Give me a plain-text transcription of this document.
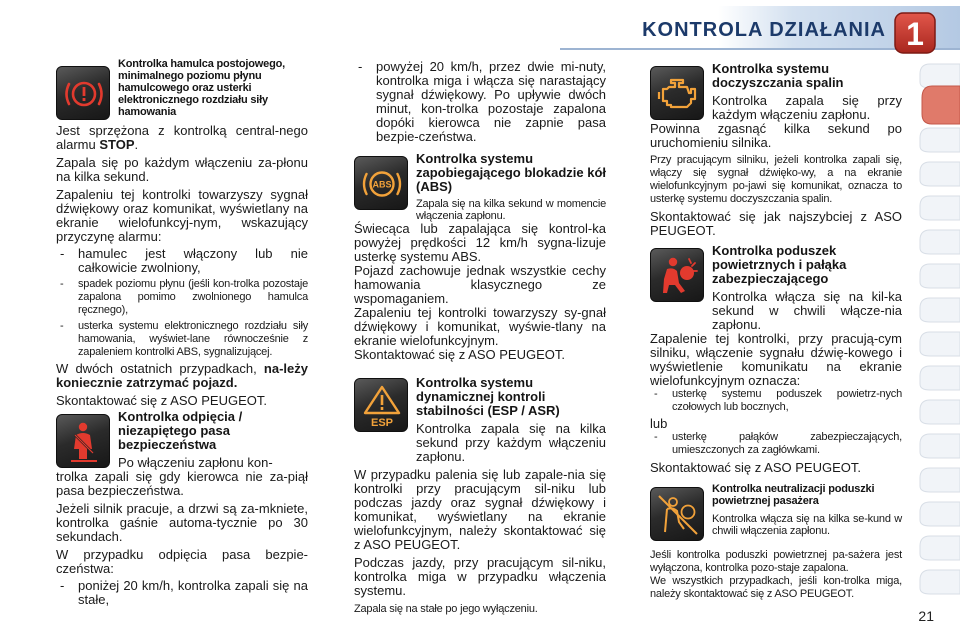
KONTROLA DZIAŁANIA 1
Kontrolka hamulca postojowego, minimalnego poziomu płynu hamulcowego oraz usterki elektronicznego rozdziału siły hamowania

Jest sprzężona z kontrolką central-nego alarmu STOP.

Zapala się po każdym włączeniu za-płonu na kilka sekund.

Zapaleniu tej kontrolki towarzyszy sygnał dźwiękowy oraz komunikat, wyświetlany na ekranie wielofunkcyj-nym, wskazujący przyczynę alarmu:

- hamulec jest włączony lub nie całkowicie zwolniony,
- spadek poziomu płynu (jeśli kon-trolka pozostaje zapalona pomimo zwolnionego hamulca ręcznego),
- usterka systemu elektronicznego rozdziału siły hamowania, wyświet-lane równocześnie z zapaleniem kontrolki ABS, sygnalizującej.

W dwóch ostatnich przypadkach, na-leży koniecznie zatrzymać pojazd.

Skontaktować się z ASO PEUGEOT.

Kontrolka odpięcia / niezapiętego pasa bezpieczeństwa
Po włączeniu zapłonu kon-

trolka zapali się gdy kierowca nie za-piął pasa bezpieczeństwa.

Jeżeli silnik pracuje, a drzwi są za-mkniete, kontrolka gaśnie automa-tycznie po 30 sekundach.

W przypadku odpięcia pasa bezpie-czeństwa:

- poniżej 20 km/h, kontrolka zapali się na stałe,
- powyżej 20 km/h, przez dwie mi-nuty, kontrolka miga i włącza się narastający sygnał dźwiękowy. Po upływie dwóch minut, kon-trolka pozostaje zapalona dopóki kierowca nie zapnie pasa bezpie-czeństwa.
ABS
Kontrolka systemu zapobiegającego blokadzie kół (ABS)
Zapala się na kilka sekund w momencie włączenia zapłonu.

Świecąca lub zapalająca się kontrol-ka powyżej prędkości 12 km/h sygna-lizuje usterkę systemu ABS.

Pojazd zachowuje jednak wszystkie cechy hamowania klasycznego ze wspomaganiem.

Zapaleniu tej kontrolki towarzyszy sy-gnał dźwiękowy i komunikat, wyświe-tlany na ekranie wielofunkcyjnym.

Skontaktować się z ASO PEUGEOT.

ESP
Kontrolka systemu dynamicznej kontroli stabilności (ESP / ASR)
Kontrolka zapala się na kilka sekund przy każdym włączeniu zapłonu.

W przypadku palenia się lub zapale-nia się kontrolki przy pracującym sil-niku lub podczas jazdy oraz sygnał dźwiękowy i komunikat, wyświetlany na ekranie wielofunkcyjnym, należy skontaktować się z ASO PEUGEOT.

Podczas jazdy, przy pracującym sil-niku, kontrolka miga w przypadku włączenia systemu.

Zapala się na stałe po jego wyłączeniu.

Kontrolka systemu doczyszczania spalin
Kontrolka zapala się przy każdym włączeniu zapłonu.

Powinna zgasnąć kilka sekund po uruchomieniu silnika.

Przy pracującym silniku, jeżeli kontrolka zapali się, włączy się sygnał dźwięko-wy, a na ekranie wielofunkcyjnym po-jawi się komunikat, oznacza to usterkę systemu doczyszczania spalin.

Skontaktować się jak najszybciej z ASO PEUGEOT.

Kontrolka poduszek powietrznych i pałąka zabezpieczającego
Kontrolka włącza się na kil-ka sekund w chwili włącze-nia zapłonu.

Zapalenie tej kontrolki, przy pracują-cym silniku, włączenie sygnału dźwię-kowego i wyświetlenie komunikatu na ekranie wielofunkcyjnym oznacza:

- usterkę systemu poduszek powietrz-nych czołowych lub bocznych,

lub

- usterkę pałąków zabezpieczających, umieszczonych za zagłówkami.

Skontaktować się z ASO PEUGEOT.

Kontrolka neutralizacji poduszki powietrznej pasażera
Kontrolka włącza się na kilka se-kund w chwili włączenia zapłonu.

Jeśli kontrolka poduszki powietrznej pa-sażera jest wyłączona, kontrolka pozo-staje zapalona.

We wszystkich przypadkach, jeśli kon-trolka miga, należy skontaktować się z ASO PEUGEOT.

21
